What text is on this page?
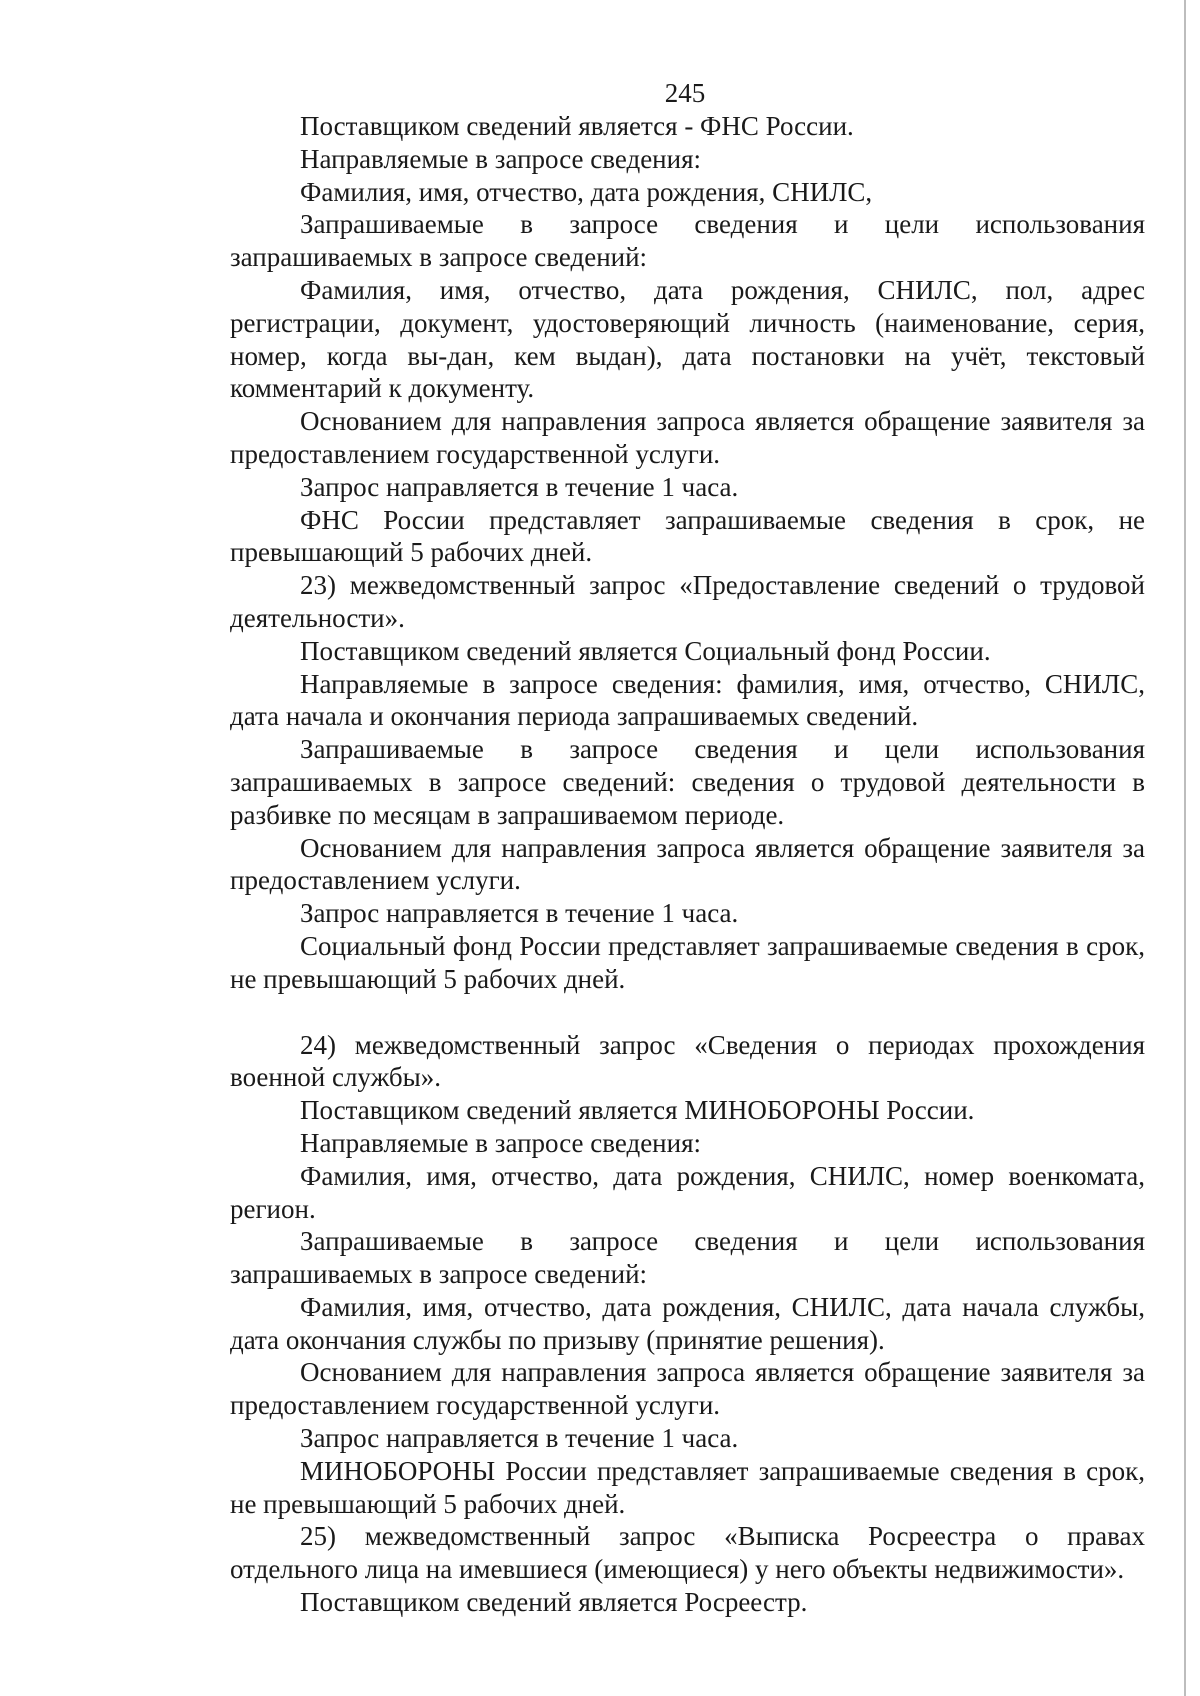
245

Поставщиком сведений является - ФНС России.

Направляемые в запросе сведения:

Фамилия, имя, отчество, дата рождения, СНИЛС,

Запрашиваемые в запросе сведения и цели использования запрашиваемых в запросе сведений:

Фамилия, имя, отчество, дата рождения, СНИЛС, пол, адрес регистрации, документ, удостоверяющий личность (наименование, серия, номер, когда вы-дан, кем выдан), дата постановки на учёт, текстовый комментарий к документу.

Основанием для направления запроса является обращение заявителя за предоставлением государственной услуги.

Запрос направляется в течение 1 часа.

ФНС России представляет запрашиваемые сведения в срок, не превышающий 5 рабочих дней.

23) межведомственный запрос «Предоставление сведений о трудовой деятельности».

Поставщиком сведений является Социальный фонд России.

Направляемые в запросе сведения: фамилия, имя, отчество, СНИЛС, дата начала и окончания периода запрашиваемых сведений.

Запрашиваемые в запросе сведения и цели использования запрашиваемых в запросе сведений: сведения о трудовой деятельности в разбивке по месяцам в запрашиваемом периоде.

Основанием для направления запроса является обращение заявителя за предоставлением услуги.

Запрос направляется в течение 1 часа.

Социальный фонд России представляет запрашиваемые сведения в срок, не превышающий 5 рабочих дней.

24) межведомственный запрос «Сведения о периодах прохождения военной службы».

Поставщиком сведений является МИНОБОРОНЫ России.

Направляемые в запросе сведения:

Фамилия, имя, отчество, дата рождения, СНИЛС, номер военкомата, регион.

Запрашиваемые в запросе сведения и цели использования запрашиваемых в запросе сведений:

Фамилия, имя, отчество, дата рождения, СНИЛС, дата начала службы, дата окончания службы по призыву (принятие решения).

Основанием для направления запроса является обращение заявителя за предоставлением государственной услуги.

Запрос направляется в течение 1 часа.

МИНОБОРОНЫ России представляет запрашиваемые сведения в срок, не превышающий 5 рабочих дней.

25) межведомственный запрос «Выписка Росреестра о правах отдельного лица на имевшиеся (имеющиеся) у него объекты недвижимости».

Поставщиком сведений является Росреестр.
